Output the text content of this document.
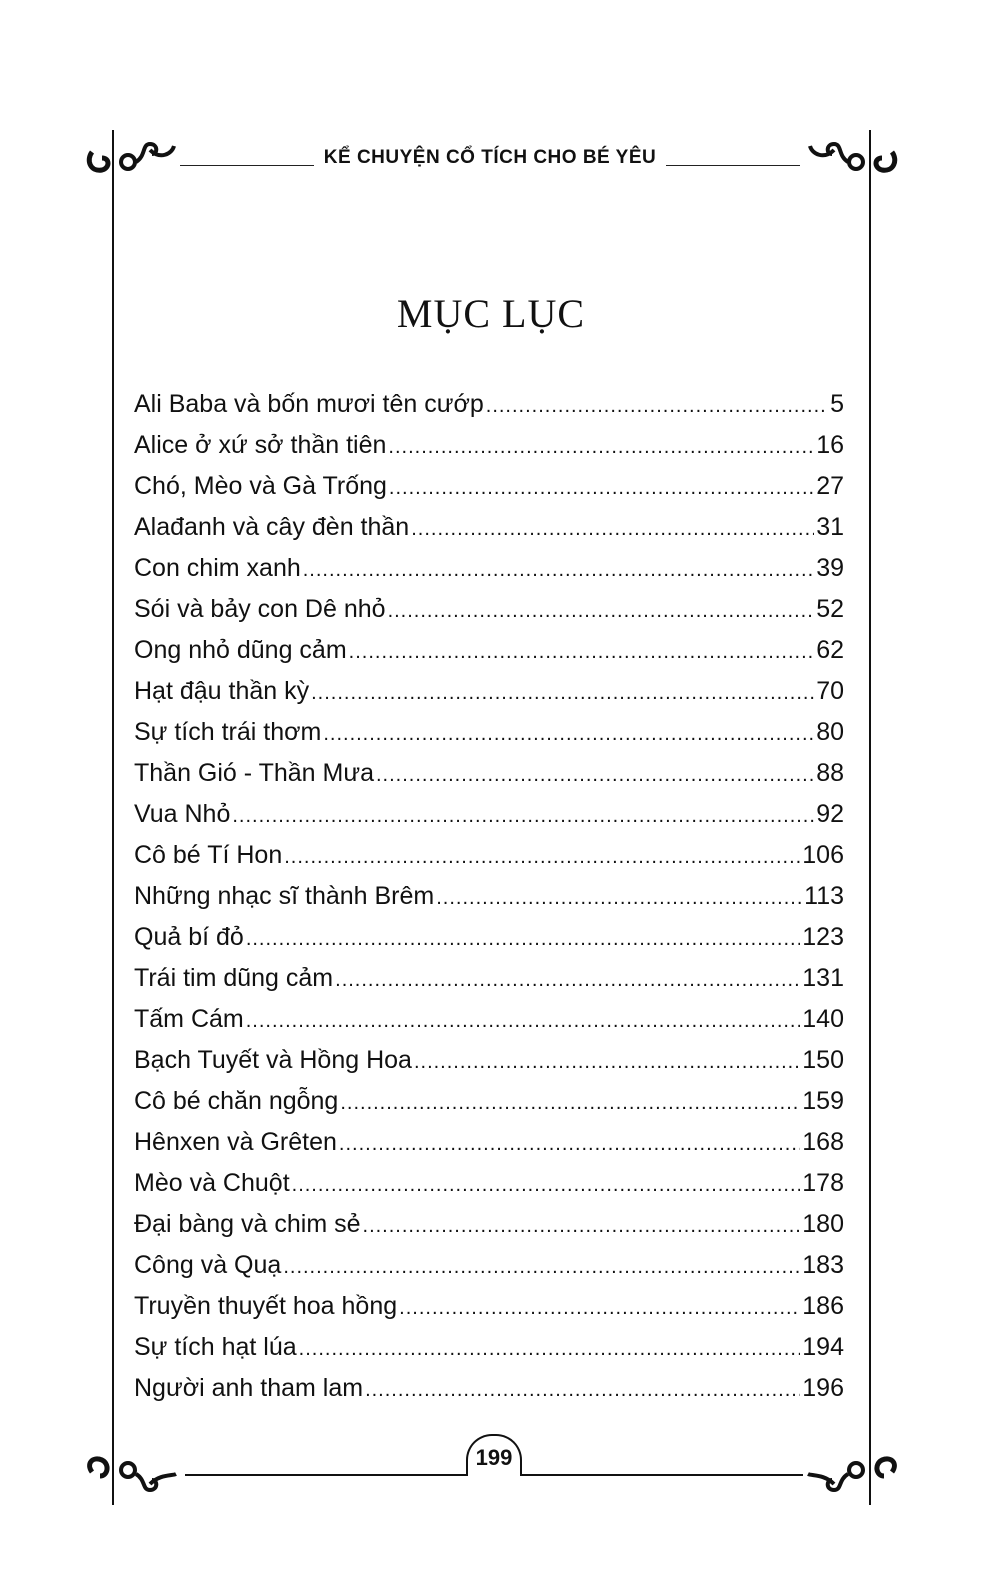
KỂ CHUYỆN CỔ TÍCH CHO BÉ YÊU
MỤC LỤC
Ali Baba và bốn mươi tên cướp .....	5
Alice ở xứ sở thần tiên .....	16
Chó, Mèo và Gà Trống .....	27
Alađanh và cây đèn thần .....	31
Con chim xanh .....	39
Sói và bảy con Dê nhỏ .....	52
Ong nhỏ dũng cảm .....	62
Hạt đậu thần kỳ .....	70
Sự tích trái thơm .....	80
Thần Gió - Thần Mưa .....	88
Vua Nhỏ .....	92
Cô bé Tí Hon .....	106
Những nhạc sĩ thành Brêm .....	113
Quả bí đỏ .....	123
Trái tim dũng cảm .....	131
Tấm Cám .....	140
Bạch Tuyết và Hồng Hoa .....	150
Cô bé chăn ngỗng .....	159
Hênxen và Grêten .....	168
Mèo và Chuột .....	178
Đại bàng và chim sẻ .....	180
Công và Quạ .....	183
Truyền thuyết hoa hồng .....	186
Sự tích hạt lúa .....	194
Người anh tham lam .....	196
199
